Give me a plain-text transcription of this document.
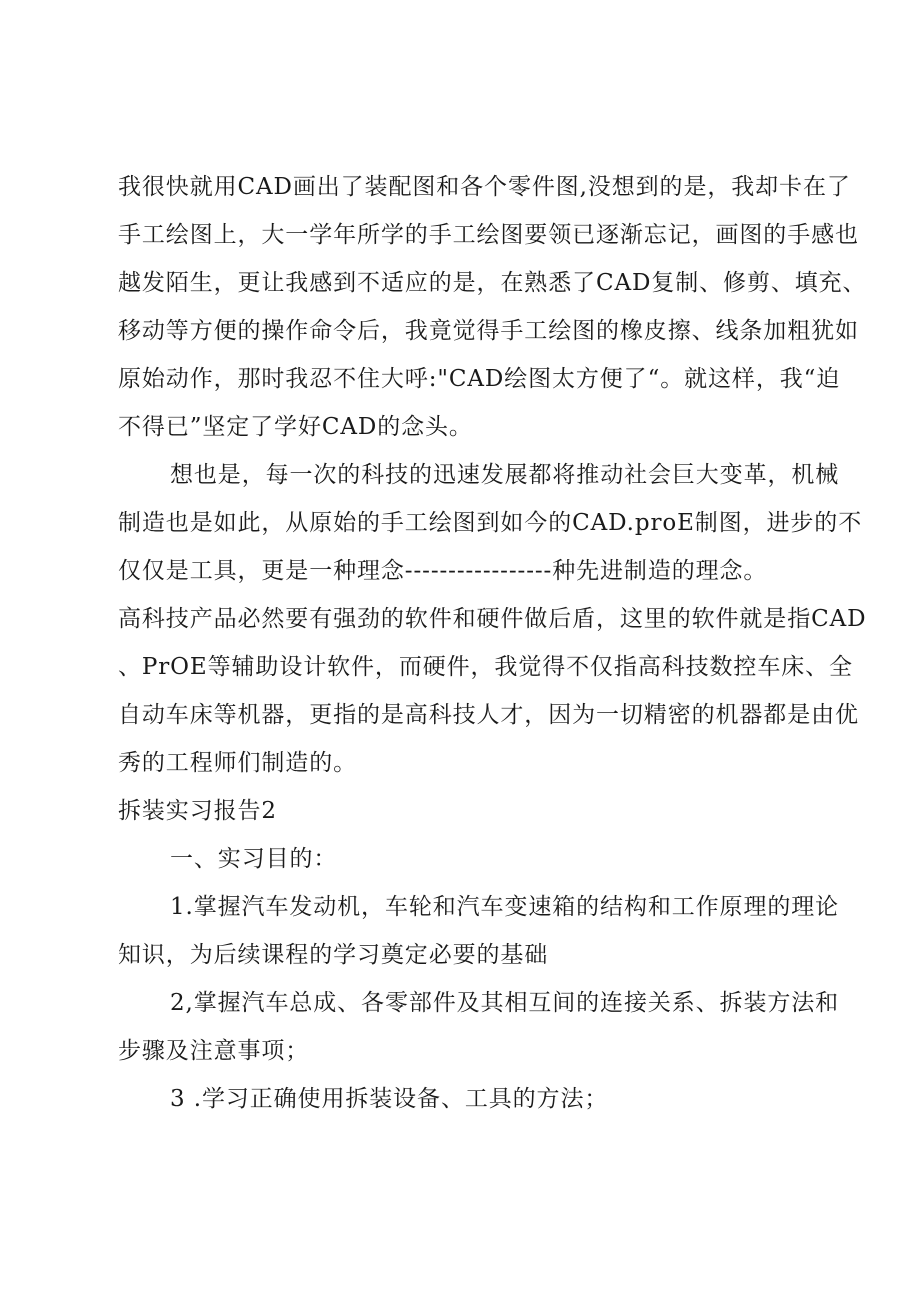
我很快就用CAD画出了装配图和各个零件图,没想到的是，我却卡在了
手工绘图上，大一学年所学的手工绘图要领已逐渐忘记，画图的手感也
越发陌生，更让我感到不适应的是，在熟悉了CAD复制、修剪、填充、
移动等方便的操作命令后，我竟觉得手工绘图的橡皮擦、线条加粗犹如
原始动作，那时我忍不住大呼:"CAD绘图太方便了“。就这样，我“迫
不得已”坚定了学好CAD的念头。
想也是，每一次的科技的迅速发展都将推动社会巨大变革，机械
制造也是如此，从原始的手工绘图到如今的CAD.proE制图，进步的不
仅仅是工具，更是一种理念-----------------种先进制造的理念。
高科技产品必然要有强劲的软件和硬件做后盾，这里的软件就是指CAD
、PrOE等辅助设计软件，而硬件，我觉得不仅指高科技数控车床、全
自动车床等机器，更指的是高科技人才，因为一切精密的机器都是由优
秀的工程师们制造的。
拆装实习报告2
一、实习目的：
1.掌握汽车发动机，车轮和汽车变速箱的结构和工作原理的理论
知识，为后续课程的学习奠定必要的基础
2,掌握汽车总成、各零部件及其相互间的连接关系、拆装方法和
步骤及注意事项；
3 .学习正确使用拆装设备、工具的方法；
